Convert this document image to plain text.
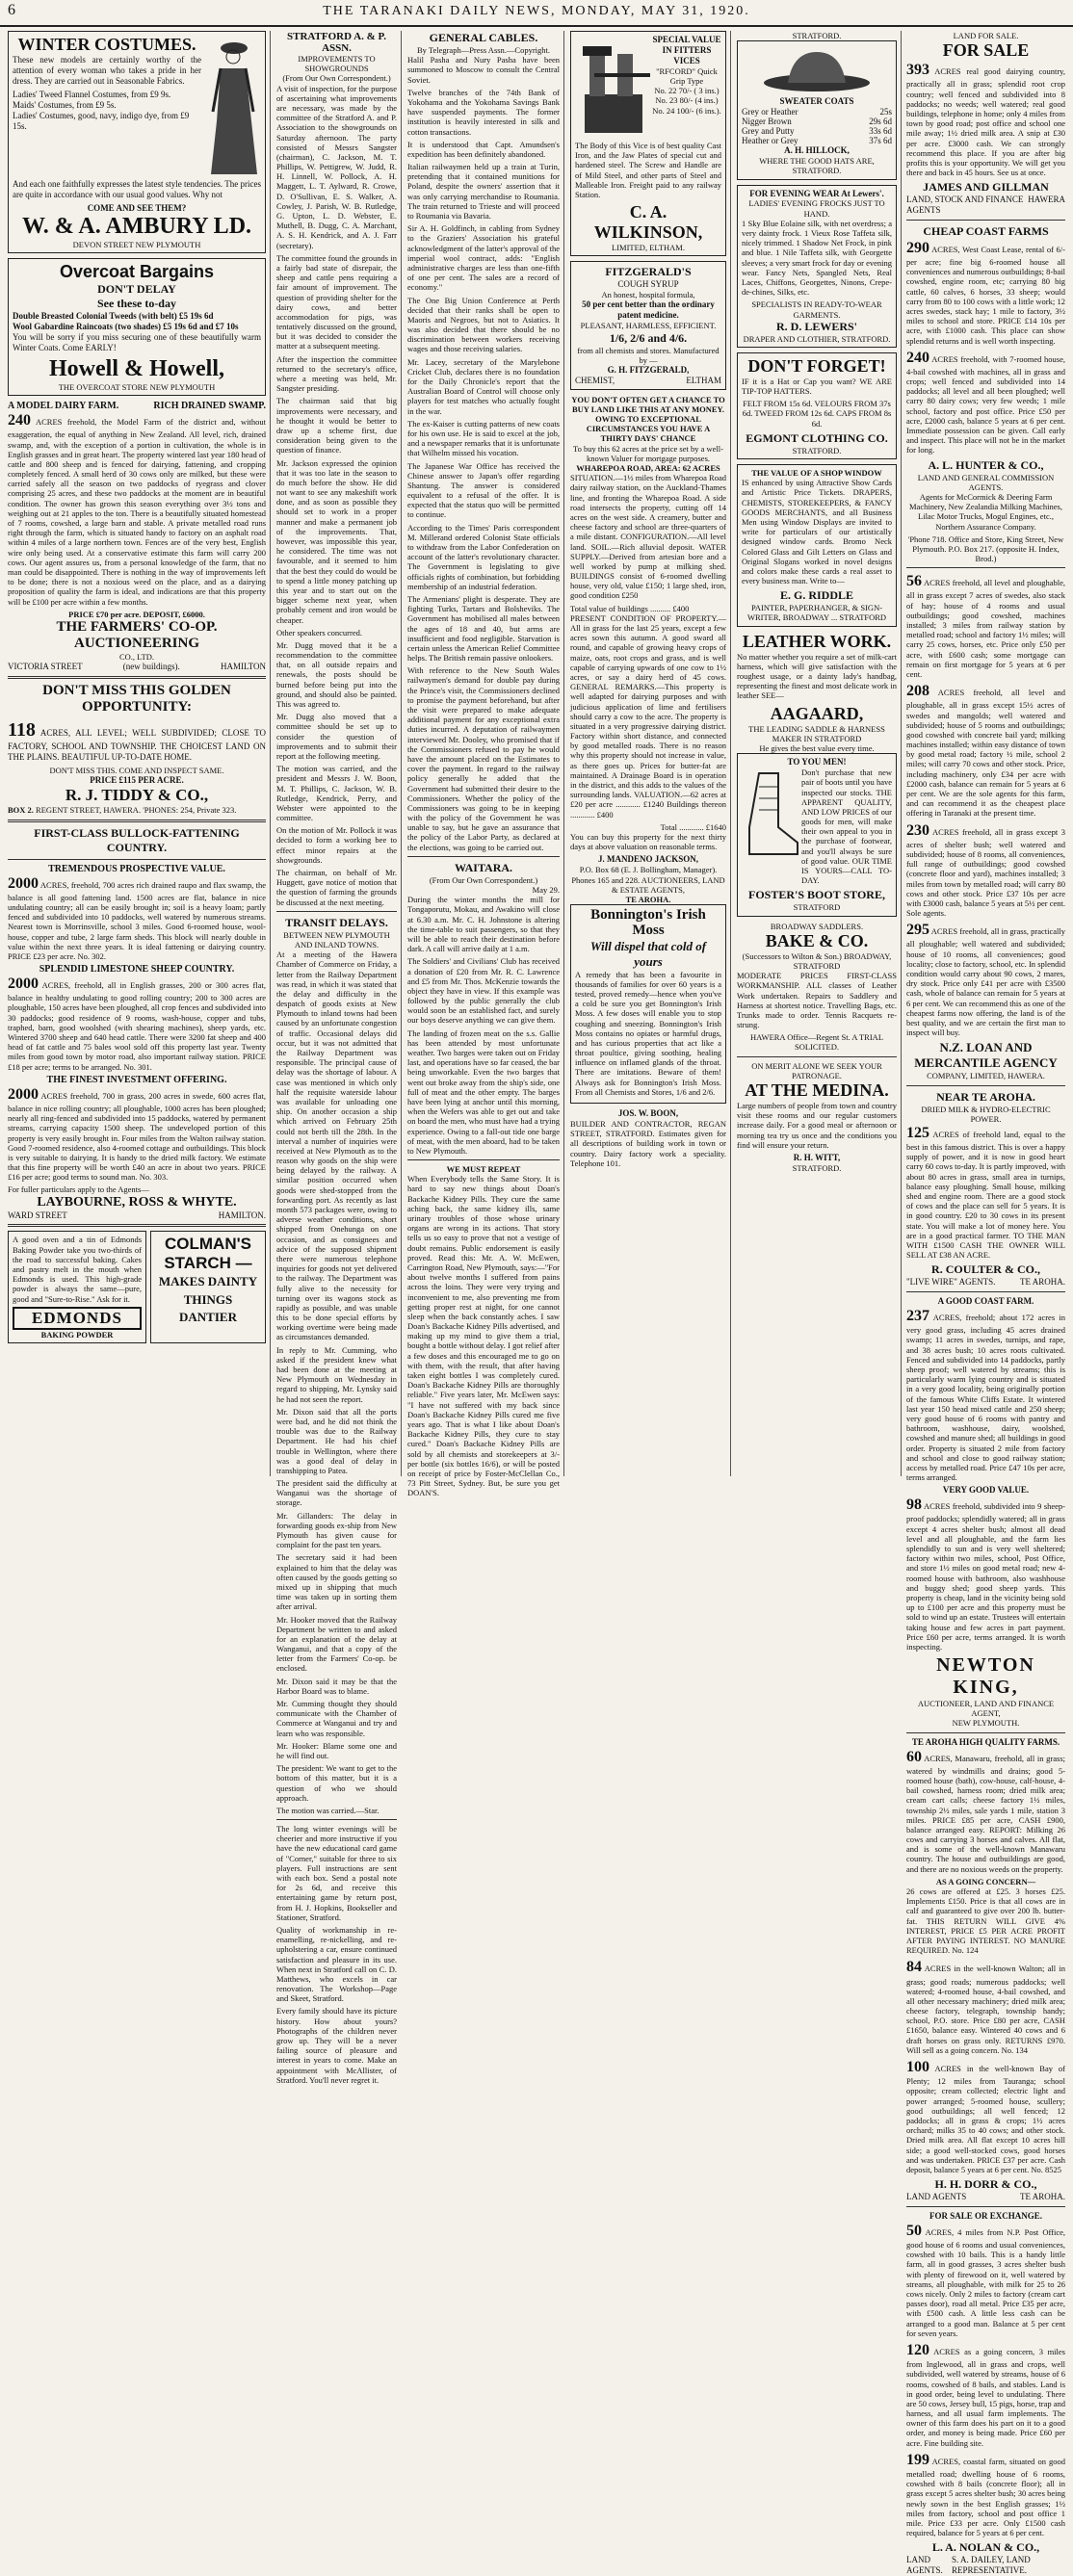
6	THE TARANAKI DAILY NEWS, MONDAY, MAY 31, 1920.
WINTER COSTUMES.

These new models are certainly worthy of the attention of every woman who takes a pride in her dress. They are carried out in Seasonable Fabrics.

Ladies' Tweed Flannel Costumes, from £9 9s.
Maids' Costumes, from £9 5s.
Ladies' Costumes, good, navy, indigo dye, from £9 15s.

And each one faithfully expresses the latest style tendencies. The prices are quite in accordance with our usual good values. Why not

COME AND SEE THEM?
W. & A. AMBURY LD.
DEVON STREET NEW PLYMOUTH
Overcoat Bargains
DON'T DELAY
See these to-day
Double Breasted Colonial Tweeds (with belt) £5 19s 6d
Wool Gabardine Raincoats (two shades) £5 19s 6d and £7 10s

You will be sorry if you miss securing one of these beautifully warm Winter Coats. Come EARLY!

Howell & Howell,
THE OVERCOAT STORE NEW PLYMOUTH
A MODEL DAIRY FARM.	RICH DRAINED SWAMP.

240 ACRES freehold, the Model Farm of the district and, without exaggeration, the equal of anything in New Zealand. All level, rich, drained swamp, and, with the exception of a portion in cultivation, the whole is in English grasses and in great heart. The property wintered last year 180 head of cattle and 800 sheep and is fenced for dairying, fattening, and cropping completely fenced. A small herd of 30 cows only are milked, but these were carried safely all the season on two paddocks of ryegrass and clover comprising 25 acres, and these two paddocks at the moment are in beautiful condition. The owner has grown this season everything over 3½ tons and weighing out at 21 apples to the ton. There is a beautifully situated homestead of 7 rooms, cowshed, a large barn and stable. A private metalled road runs right through the farm, which is situated handy to factory on an asphalt road within 4 miles of a large northern town. Fences are of the very best, English wire only being used. At a conservative estimate this farm will carry 200 cows. Our agent assures us, from a personal knowledge of the farm, that no man could be disappointed. There is nothing in the way of improvements left to be done; there is not a noxious weed on the place, and as a dairying proposition of quality the farm is ideal, and indications are that this property will be £100 per acre within a few months.

PRICE £70 per acre. DEPOSIT, £6000.
THE FARMERS' CO-OP. AUCTIONEERING
CO., LTD.
VICTORIA STREET	(new buildings).	HAMILTON
DON'T MISS THIS GOLDEN OPPORTUNITY:

118 ACRES, ALL LEVEL; WELL SUBDIVIDED; CLOSE TO FACTORY, SCHOOL AND TOWNSHIP. THE CHOICEST LAND ON THE PLAINS. BEAUTIFUL UP-TO-DATE HOME.

DON'T MISS THIS. COME AND INSPECT SAME.
PRICE £115 PER ACRE.
R. J. TIDDY & CO.,
BOX 2. REGENT STREET, HAWERA. 'PHONES: 254, Private 323.
FIRST-CLASS BULLOCK-FATTENING COUNTRY.
TREMENDOUS PROSPECTIVE VALUE.

2000 ACRES, freehold, 700 acres rich drained raupo and flax swamp, the balance is all good fattening land. 1500 acres are flat, balance in nice undulating country; all can be easily brought in; soil is a heavy loam; partly fenced and subdivided into 10 paddocks, well watered by numerous streams. Nearest town is Morrinsville, school 3 miles. Good 6-roomed house, wool-house, copper and tube, 2 large farm sheds. This block will nearly double in value within the next three years. It is ideal fattening or dairying country. PRICE £23 per acre. No. 302.

SPLENDID LIMESTONE SHEEP COUNTRY.

2000 ACRES, freehold, all in English grasses, 200 or 300 acres flat, balance in healthy undulating to good rolling country; 200 to 300 acres are ploughable, 150 acres have been ploughed, all crop fences and subdivided into 30 paddocks; good residence of 9 rooms, wash-house, copper and tubs, traphed, barn, good woolshed (with shearing machines), sheep yards, etc. Wintered 3700 sheep and 640 head cattle. There were 3200 fat sheep and 400 head of fat cattle and 75 bales wool sold off this property last year. Twenty miles from good town by motor road, also important railway station. PRICE £18 per acre; terms to be arranged. No. 301.

THE FINEST INVESTMENT OFFERING.

2000 ACRES freehold, 700 in grass, 200 acres in swede, 600 acres flat, balance in nice rolling country; all ploughable, 1000 acres has been ploughed; nearly all ring-fenced and subdivided into 15 paddocks, watered by permanent streams, carrying capacity 1500 sheep. The undeveloped portion of this property is very easily brought in. Four miles from the Walton railway station. Good 7-roomed residence, also 4-roomed cottage and outbuildings. This block is very suitable to dairying. It is handy to the dried milk factory. We estimate that this fine property will be worth £40 an acre in about two years. PRICE £16 per acre; good terms to sound man. No. 303.

For fuller particulars apply to the Agents—
LAYBOURNE, ROSS & WHYTE.
WARD STREET	HAMILTON.

A good oven and a tin of Edmonds Baking Powder take you two-thirds of the road to successful baking. Cakes and pastry melt in the mouth when Edmonds is used. This high-grade powder is always the same—pure, good and "Sure-to-Rise." Ask for it.

EDMONDS
BAKING POWDER
COLMAN'S STARCH —
MAKES DAINTY THINGS DANTIER
STRATFORD A. & P. ASSN.
IMPROVEMENTS TO SHOWGROUNDS
(From Our Own Correspondent.)

A visit of inspection, for the purpose of ascertaining what improvements are necessary, was made by the committee of the Stratford A. and P. Association to the showgrounds on Saturday afternoon. The party consisted of Messrs Sangster (chairman), C. Jackson, M. T. Phillips, W. Pettigrew, W. Judd, R. H. Linnell, W. Pollock, A. H. Maggett, L. T. Aylward, R. Crowe, D. O'Sullivan, E. S. Walker, A. Cowley, J. Parish, W. B. Rutledge, G. Upton, L. D. Webster, E. Muthell, B. Dugg, C. A. Marchant, A. S. H. Kendrick, and A. J. Farr (secretary).

The committee found the grounds in a fairly bad state of disrepair, the sheep and cattle pens requiring a fair amount of improvement. The question of providing shelter for the dairy cows, and better accommodation for pigs, was tentatively discussed on the ground, but it was decided to consider the matter at a subsequent meeting.

After the inspection the committee returned to the secretary's office, where a meeting was held, Mr. Sangster presiding.

The chairman said that big improvements were necessary, and he thought it would be better to draw up a scheme first, due consideration being given to the question of finance.

Mr. Jackson expressed the opinion that it was too late in the season to do much before the show. He did not want to see any makeshift work done, and as soon as possible they should set to work in a proper manner and make a permanent job of the improvements. That, however, was impossible this year, he considered. The time was not favourable, and it seemed to him that the best they could do would be to spend a little money patching up this year and to start out on the bigger scheme next year, when probably cement and iron would be cheaper.

Other speakers concurred.

Mr. Dugg moved that it be a recommendation to the committee that, on all outside repairs and renewals, the posts should be burned before being put into the ground, and should also be painted. This was agreed to.

Mr. Dugg also moved that a committee should be set up to consider the question of improvements and to submit their report at the following meeting.

The motion was carried, and the president and Messrs J. W. Boon, M. T. Phillips, C. Jackson, W. B. Rutledge, Kendrick, Perry, and Webster were appointed to the committee.

On the motion of Mr. Pollock it was decided to form a working bee to effect minor repairs at the showgrounds.

The chairman, on behalf of Mr. Huggett, gave notice of motion that the question of farming the grounds be discussed at the next meeting.

TRANSIT DELAYS.
BETWEEN NEW PLYMOUTH AND INLAND TOWNS.

At a meeting of the Hawera Chamber of Commerce on Friday, a letter from the Railway Department was read, in which it was stated that the delay and difficulty in the despatch of goods exists at New Plymouth to inland towns had been caused by an unfortunate congestion of traffic. Occasional delays did occur, but it was not admitted that the Railway Department was responsible. The principal cause of delay was the shortage of labour. A case was mentioned in which only half the requisite waterside labour was available for unloading one ship. On another occasion a ship which arrived on February 25th could not berth till the 28th. In the interval a number of inquiries were received at New Plymouth as to the reason why goods on the ship were being delayed by the railway. A similar position occurred when goods were shed-stopped from the forwarding port. As recently as last month 573 packages were, owing to adverse weather conditions, short shipped from Onehunga on one occasion, and as consignees and advice of the supposed shipment there were numerous telephone inquiries for goods not yet delivered to the railway. The Department was fully alive to the necessity for turning over its wagons stock as rapidly as possible, and was unable this to be done special efforts by working overtime were being made as circumstances demanded.

In reply to Mr. Cumming, who asked if the president knew what had been done at the meeting at New Plymouth on Wednesday in regard to shipping, Mr. Lynsky said he had not seen the report.

Mr. Dixon said that all the ports were bad, and he did not think the trouble was due to the Railway Department. He had his chief trouble in Wellington, where there was a good deal of delay in transhipping to Patea.

The president said the difficulty at Wanganui was the shortage of storage.

Mr. Gillanders: The delay in forwarding goods ex-ship from New Plymouth has given cause for complaint for the past ten years.

The secretary said it had been explained to him that the delay was often caused by the goods getting so mixed up in shipping that much time was taken up in sorting them after arrival.

Mr. Hooker moved that the Railway Department be written to and asked for an explanation of the delay at Wanganui, and that a copy of the letter from the Farmers' Co-op. be enclosed.

Mr. Dixon said it may be that the Harbor Board was to blame.

Mr. Cumming thought they should communicate with the Chamber of Commerce at Wanganui and try and learn who was responsible.

Mr. Hooker: Blame some one and he will find out.

The president: We want to get to the bottom of this matter, but it is a question of who we should approach.

The motion was carried.—Star.

The long winter evenings will be cheerier and more instructive if you have the new educational card game of "Corner," suitable for three to six players. Full instructions are sent with each box. Send a postal note for 2s 6d, and receive this entertaining game by return post, from H. J. Hopkins, Bookseller and Stationer, Stratford.

Quality of workmanship in re-enamelling, re-nickelling, and re-upholstering a car, ensure continued satisfaction and pleasure in its use. When next in Stratford call on C. D. Matthews, who excels in car renovation. The Workshop—Page and Skeet, Stratford.

Every family should have its picture history. How about yours? Photographs of the children never grow up. They will be a never failing source of pleasure and interest in years to come. Make an appointment with McAllister, of Stratford. You'll never regret it.

GENERAL CABLES.
By Telegraph—Press Assn.—Copyright.

Halil Pasha and Nury Pasha have been summoned to Moscow to consult the Central Soviet.

Twelve branches of the 74th Bank of Yokohama and the Yokohama Savings Bank have suspended payments. The former institution is heavily interested in silk and cotton transactions.

It is understood that Capt. Amundsen's expedition has been definitely abandoned.

Italian railwaymen held up a train at Turin, pretending that it contained munitions for Poland, despite the owners' assertion that it was only carrying merchandise to Roumania. The train returned to Trieste and will proceed to Roumania via Bavaria.

Sir A. H. Goldfinch, in cabling from Sydney to the Graziers' Association his grateful acknowledgment of the latter's approval of the imperial wool contract, adds: "English administrative charges are less than one-fifth of one per cent. The sales are a record of economy."

The One Big Union Conference at Perth decided that their ranks shall be open to Maoris and Negroes, but not to Asiatics. It was also decided that there should be no discrimination between workers receiving wages and those receiving salaries.

Mr. Lacey, secretary of the Marylebone Cricket Club, declares there is no foundation for the Daily Chronicle's report that the Australian Board of Control will choose only players for test matches who actually fought in the war.

The ex-Kaiser is cutting patterns of new coats for his own use. He is said to excel at the job, and a newspaper remarks that it is unfortunate that Wilhelm missed his vocation.

The Japanese War Office has received the Chinese answer to Japan's offer regarding Shantung. The answer is considered equivalent to a refusal of the offer. It is expected that the status quo will be permitted to continue.

According to the Times' Paris correspondent M. Millerand ordered Colonist State officials to withdraw from the Labor Confederation on account of the latter's revolutionary character. The Government is legislating to give officials rights of combination, but forbidding membership of an industrial federation.

The Armenians' plight is desperate. They are fighting Turks, Tartars and Bolsheviks. The Government has mobilised all males between the ages of 18 and 40, but arms are insufficient and food negligible. Starvation is certain unless the American Relief Committee helps. The British remain passive onlookers.

With reference to the New South Wales railwaymen's demand for double pay during the Prince's visit, the Commissioners declined to promise the payment beforehand, but after the visit were prepared to make adequate additional payment for any exceptional extra duties incurred. A deputation of railwaymen interviewed Mr. Dooley, who promised that if the Commissioners refused to pay he would have the amount placed on the Estimates to cover the payment. In regard to the railway policy generally he added that the Government had submitted their desire to the Commissioners. Whether the policy of the Commissioners was going to be in keeping with the policy of the Government he was unable to say, but he gave an assurance that the policy of the Labor Party, as declared at the elections, was going to be carried out.

WAITARA.
(From Our Own Correspondent.)
May 29.

During the winter months the mill for Tongaporutu, Mokau, and Awakino will close at 6.30 a.m. Mr. C. H. Johnstone is altering the time-table to suit passengers, so that they will be able to reach their destination before dark. A call will arrive daily at 1 a.m.

The Soldiers' and Civilians' Club has received a donation of £20 from Mr. R. C. Lawrence and £5 from Mr. Thos. McKenzie towards the object they have in view. If this example was followed by the public generally the club would soon be an established fact, and surely our boys deserve anything we can give them.

The landing of frozen meat on the s.s. Gallie has been attended by most unfortunate weather. Two barges were taken out on Friday last, and operations have so far ceased, the bar being unworkable. Even the two barges that went out broke away from the ship's side, one full of meat and the other empty. The barges have been lying at anchor until this morning, when the Wefers was able to get out and take on board the men, who must have had a trying experience. Owing to a fall-out tide one barge of meat, with the men aboard, had to be taken to New Plymouth.

WE MUST REPEAT

When Everybody tells the Same Story. It is hard to say new things about Doan's Backache Kidney Pills. They cure the same aching back, the same kidney ills, same urinary troubles of those whose urinary organs are wrong in its actions. That story tells us so easy to prove that not a vestige of doubt remains. Public endorsement is easily proved. Read this: Mr. A. W. McEwen, Carrington Road, New Plymouth, says:—"For about twelve months I suffered from pains across the loins. They were very trying and inconvenient to me, also preventing me from getting proper rest at night, for one cannot sleep when the back constantly aches. I saw Doan's Backache Kidney Pills advertised, and making up my mind to give them a trial, bought a bottle without delay. I got relief after a few doses and this encouraged me to go on with them, with the result, that after having taken eight bottles I was completely cured. Doan's Backache Kidney Pills are thoroughly reliable." Five years later, Mr. McEwen says: "I have not suffered with my back since Doan's Backache Kidney Pills cured me five years ago. That is what I like about Doan's Backache Kidney Pills, they cure to stay cured." Doan's Backache Kidney Pills are sold by all chemists and storekeepers at 3/- per bottle (six bottles 16/6), or will be posted on receipt of price by Foster-McClellan Co., 73 Pitt Street, Sydney. But, be sure you get DOAN'S.

SPECIAL VALUE IN FITTERS VICES
"RFCORD" Quick Grip Type
No. 22 70/- ( 3 ins.) No. 23 80/- (4 ins.) No. 24 100/- (6 ins.).

The Body of this Vice is of best quality Cast Iron, and the Jaw Plates of special cut and hardened steel. The Screw and Handle are of Mild Steel, and other parts of Steel and Malleable Iron. Freight paid to any railway Station.

C. A. WILKINSON,
LIMITED, ELTHAM.
FITZGERALD'S
COUGH SYRUP
An honest, hospital formula,
50 per cent better than the ordinary patent medicine.
PLEASANT, HARMLESS, EFFICIENT.
1/6, 2/6 and 4/6.
from all chemists and stores. Manufactured by —
G. H. FITZGERALD,
CHEMIST,	ELTHAM
YOU DON'T OFTEN GET A CHANCE TO BUY LAND LIKE THIS AT ANY MONEY. OWING TO EXCEPTIONAL CIRCUMSTANCES YOU HAVE A THIRTY DAYS' CHANCE
To buy this 62 acres at the price set by a well-known Valuer for mortgage purposes.
WHAREPOA ROAD, AREA: 62 ACRES

SITUATION.—1½ miles from Wharepoa Road dairy railway station, on the Auckland-Thames line, and fronting the Wharepoa Road. A side road intersects the property, cutting off 14 acres on the west side. A creamery, butter and cheese factory and school are three-quarters of a mile distant. CONFIGURATION.—All level land. SOIL.—Rich alluvial deposit. WATER SUPPLY.—Derived from artesian bore and a well worked by pump at milking shed. BUILDINGS consist of 6-roomed dwelling house, very old, value £150; 1 large shed, iron, good condition £250

Total value of buildings .......... £400

PRESENT CONDITION OF PROPERTY.—All in grass for the last 25 years, except a few acres sown this autumn. A good sward all round, and capable of growing heavy crops of maize, oats, root crops and grass, and is well capable of carrying upwards of one cow to 1½ acres, or say a dairy herd of 45 cows. GENERAL REMARKS.—This property is well adapted for dairying purposes and with judicious application of lime and fertilisers should carry a cow to the acre. The property is situated in a very progressive dairying district. Factory within short distance, and connected by good metalled roads. There is no reason why this property should not increase in value, as there goes up. Prices for butter-fat are maintained. A Drainage Board is in operation in the district, and this adds to the values of the surrounding lands. VALUATION.—62 acres at £20 per acre ............ £1240 Buildings thereon ............ £400

Total ............ £1640

You can buy this property for the next thirty days at above valuation on reasonable terms.

J. MANDENO JACKSON,
P.O. Box 68 (E. J. Bollingham, Manager). Phones 165 and 228. AUCTIONEERS, LAND & ESTATE AGENTS,
TE AROHA.
Bonnington's Irish Moss
Will dispel that cold of yours

A remedy that has been a favourite in thousands of families for over 60 years is a tested, proved remedy—hence when you've a cold be sure you get Bonnington's Irish Moss. A few doses will enable you to stop coughing and sneezing. Bonnington's Irish Moss contains no opiates or harmful drugs, and has curious properties that act like a throat poultice, giving soothing, healing influence on inflamed glands of the throat. There are imitations. Beware of them! Always ask for Bonnington's Irish Moss. From all Chemists and Stores, 1/6 and 2/6.

JOS. W. BOON,

BUILDER AND CONTRACTOR, REGAN STREET, STRATFORD. Estimates given for all descriptions of building work in town or country. Dairy factory work a speciality. Telephone 101.

STRATFORD.
SWEATER COATS
Grey or Heather	25s
Nigger Brown	29s 6d
Grey and Putty	33s 6d
Heather or Grey	37s 6d
A. H. HILLOCK,
WHERE THE GOOD HATS ARE, STRATFORD.
FOR EVENING WEAR At Lewers'.
LADIES' EVENING FROCKS JUST TO HAND.

1 Sky Blue Eolaine silk, with net overdress; a very dainty frock. 1 Vieux Rose Taffeta silk, nicely trimmed. 1 Shadow Net Frock, in pink and blue. 1 Nile Taffeta silk, with Georgette sleeves; a very smart frock for day or evening wear. Fancy Nets, Spangled Nets, Real Laces, Chiffons, Georgettes, Ninons, Crepe-de-chines, Silks, etc.

SPECIALISTS IN READY-TO-WEAR GARMENTS.
R. D. LEWERS'
DRAPER AND CLOTHIER, STRATFORD.
DON'T FORGET!

IF it is a Hat or Cap you want? WE ARE TIP-TOP HATTERS.

FELT FROM 15s 6d. VELOURS FROM 37s 6d. TWEED FROM 12s 6d. CAPS FROM 8s 6d.

EGMONT CLOTHING CO.
STRATFORD.
THE VALUE OF A SHOP WINDOW

IS enhanced by using Attractive Show Cards and Artistic Price Tickets. DRAPERS, CHEMISTS, STOREKEEPERS, & FANCY GOODS MERCHANTS, and all Business Men using Window Displays are invited to write for particulars of our artistically designed window cards. Bromo Neck Colored Glass and Gilt Letters on Glass and Original Slogans worked in novel designs and colors make these cards a real asset to every business man. Write to—

E. G. RIDDLE
PAINTER, PAPERHANGER, & SIGN-WRITER, BROADWAY ... STRATFORD
LEATHER WORK.

No matter whether you require a set of milk-cart harness, which will give satisfaction with the roughest usage, or a dainty lady's handbag, representing the finest and most delicate work in leather SEE—

AAGAARD,
THE LEADING SADDLE & HARNESS MAKER IN STRATFORD
He gives the best value every time.
TO YOU MEN!

Don't purchase that new pair of boots until you have inspected our stocks. THE APPARENT QUALITY, AND LOW PRICES of our goods for men, will make their own appeal to you in the purchase of footwear, and you'll always be sure of good value. OUR TIME IS YOURS—CALL TO-DAY.

FOSTER'S BOOT STORE,
STRATFORD
BROADWAY SADDLERS.
BAKE & CO.
(Successors to Wilton & Son.) BROADWAY, STRATFORD

MODERATE PRICES FIRST-CLASS WORKMANSHIP. ALL classes of Leather Work undertaken. Repairs to Saddlery and Harness at shortest notice. Travelling Bags, etc. Trunks made to order. Tennis Racquets re-strung.

HAWERA Office—Regent St. A TRIAL SOLICITED.
ON MERIT ALONE WE SEEK YOUR PATRONAGE.
AT THE MEDINA.

Large numbers of people from town and country visit these rooms and our regular customers increase daily. For a good meal or afternoon or morning tea try us once and the conditions you find will ensure your return.

R. H. WITT,
STRATFORD.
LAND FOR SALE.
FOR SALE

393 ACRES real good dairying country, practically all in grass; splendid root crop country; well fenced and subdivided into 8 paddocks; no weeds; well watered; real good buildings, telephone in home; only 4 miles from town by good road; post office and school one mile away; 1½ dried milk area. A snip at £30 per acre. £3000 cash. We can strongly recommend this place. If you are after big profits this is your opportunity. We will get you there and back in 45 hours. See us at once.

JAMES AND GILLMAN
LAND, STOCK AND FINANCE AGENTS
HAWERA
CHEAP COAST FARMS

290 ACRES, West Coast Lease, rental of 6/- per acre; fine big 6-roomed house all conveniences and numerous outbuildings; 8-bail cowshed, engine room, etc; carrying 80 big cattle, 60 calves, 6 horses, 33 sheep; would carry from 80 to 100 cows with a little work; 12 acres swedes, stack hay; 1 mile to factory, 3½ miles to school and store. PRICE £14 10s per acre, with £1000 cash. This place can show splendid returns and is well worth inspecting.

240 ACRES freehold, with 7-roomed house, 4-bail cowshed with machines, all in grass and crops; well fenced and subdivided into 14 paddocks; all level and all been ploughed; well carry 80 dairy cows; very few weeds; 1 mile school, factory and post office. Price £50 per acre, £2000 cash, balance 5 years at 6 per cent. Immediate possession can be given. Call early and inspect. This place will not be in the market for long.

A. L. HUNTER & CO.,
LAND AND GENERAL COMMISSION AGENTS.

Agents for McCormick & Deering Farm Machinery, New Zealandia Milking Machines, Lilac Motor Trucks, Mogul Engines, etc., Northern Assurance Company.

'Phone 718. Office and Store, King Street, New Plymouth. P.O. Box 217. (opposite H. Index, Brod.)

56 ACRES freehold, all level and ploughable, all in grass except 7 acres of swedes, also stack of hay; house of 4 rooms and usual outbuildings; good cowshed, machines installed; 3 miles from railway station by metalled road; school and factory 1½ miles; will carry 25 cows, horses, etc. Price only £50 per acre, with £600 cash; some mortgage can remain on first mortgage for 5 years at 6 per cent.

208 ACRES freehold, all level and ploughable, all in grass except 15½ acres of swedes and mangolds; well watered and subdivided; house of 5 rooms and outbuildings; good cowshed with concrete bail yard; milking machines installed; within easy distance of town by good metal road; factory ½ mile, school 2 miles; will carry 70 cows and other stock. Price, including machinery, only £34 per acre with £2000 cash, balance can remain for 5 years at 6 per cent. We are the sole agents for this farm, and can recommend it as the cheapest place offering in Taranaki at the present time.

230 ACRES freehold, all in grass except 3 acres of shelter bush; well watered and subdivided; house of 8 rooms, all conveniences, full range of outbuildings; good cowshed (concrete floor and yard), machines installed; 3 miles from town by metalled road; will carry 80 cows and other stock. Price £37 10s per acre with £3000 cash, balance 5 years at 5½ per cent. Sole agents.

295 ACRES freehold, all in grass, practically all ploughable; well watered and subdivided; house of 10 rooms, all conveniences; good locality; close to factory, school, etc. In splendid condition would carry about 90 cows, 2 mares, dry stock. Price only £41 per acre with £3500 cash, whole of balance can remain for 5 years at 6 per cent. We can recommend this as one of the cheapest farms now offering, the land is of the best quality, and we are certain the first man to inspect will buy.

N.Z. LOAN AND MERCANTILE AGENCY
COMPANY, LIMITED, HAWERA.
NEAR TE AROHA.
DRIED MILK & HYDRO-ELECTRIC POWER.

125 ACRES of freehold land, equal to the best in this famous district. This is over a happy supply of power, and it is now in good heart carry 60 cows to-day. It is partly improved, with about 80 acres in grass, small area in turnips, balance easy ploughing. Small house, milking shed and engine room. There are a good stock of cows and the place can sell for 5 years. It is in good country. £20 to 30 cows in its present state. You will make a lot of money here. You are in a good practical farmer. TO THE MAN WITH £1500 CASH THE OWNER WILL SELL AT £38 AN ACRE.

R. COULTER & CO.,
"LIVE WIRE" AGENTS.	TE AROHA.
A GOOD COAST FARM.

237 ACRES, freehold; about 172 acres in very good grass, including 45 acres drained swamp; 11 acres in swedes, turnips, and rape, and 38 acres bush; 10 acres roots cultivated. Fenced and subdivided into 14 paddocks, partly sheep proof; well watered by streams; this is particularly warm lying country and is situated in a very good locality, being originally portion of the famous White Cliffs Estate. It wintered last year 150 head mixed cattle and 250 sheep; very good house of 6 rooms with pantry and bathroom, washhouse, dairy, woolshed, cowshed and manure shed; all buildings in good order. Property is situated 2 mile from factory and school and close to good railway station; access by metalled road. Price £47 10s per acre, terms arranged.

VERY GOOD VALUE.

98 ACRES freehold, subdivided into 9 sheep-proof paddocks; splendidly watered; all in grass except 4 acres shelter bush; almost all dead level and all ploughable, and the farm lies splendidly to sun and is very well sheltered; factory within two miles, school, Post Office, and store 1½ miles on good metal road; new 4-roomed house with bathroom, also washhouse and buggy shed; good sheep yards. This property is cheap, land in the vicinity being sold up to £100 per acre and this property must be sold to wind up an estate. Trustees will entertain taking house and few acres in part payment. Price £60 per acre, terms arranged. It is worth inspecting.

NEWTON KING,
AUCTIONEER, LAND AND FINANCE AGENT,
NEW PLYMOUTH.
TE AROHA HIGH QUALITY FARMS.

60 ACRES, Manawaru, freehold, all in grass; watered by windmills and drains; good 5-roomed house (bath), cow-house, calf-house, 4-bail cowshed, harness room; dried milk area; cream cart calls; cheese factory 1½ miles, township 2½ miles, sale yards 1 mile, station 3 miles. PRICE £85 per acre, CASH £900, balance arranged easy. REPORT: Milking 26 cows and carrying 3 horses and calves. All flat, and is some of the well-known Manawaru country. The house and outbuildings are good, and there are no noxious weeds on the property.

AS A GOING CONCERN—

26 cows are offered at £25. 3 horses £25. Implements £150. Price is that all cows are in calf and guaranteed to give over 200 lb. butter-fat. THIS RETURN WILL GIVE 4% INTEREST, PRICE £5 PER ACRE PROFIT AFTER PAYING INTEREST. NO MANURE REQUIRED. No. 124

84 ACRES in the well-known Walton; all in grass; good roads; numerous paddocks; well watered; 4-roomed house, 4-bail cowshed, and all other necessary machinery; dried milk area; cheese factory, telegraph, township handy; school, P.O. store. Price £80 per acre, CASH £1650, balance easy. Wintered 40 cows and 6 draft horses on grass only. RETURNS £970. Will sell as a going concern. No. 134

100 ACRES in the well-known Bay of Plenty; 12 miles from Tauranga; school opposite; cream collected; electric light and power arranged; 5-roomed house, scullery; good outbuildings; all well fenced; 12 paddocks; all in grass & crops; 1½ acres orchard; milks 35 to 40 cows; and other stock. Dried milk area. All flat except 10 acres hill side; a good well-stocked cows, good horses and was undertaken. PRICE £37 per acre. Cash deposit, balance 5 years at 6 per cent. No. 8525

H. H. DORR & CO.,
LAND AGENTS	TE AROHA.
FOR SALE OR EXCHANGE.

50 ACRES, 4 miles from N.P. Post Office, good house of 6 rooms and usual conveniences, cowshed with 10 bails. This is a handy little farm, all in good grasses, 3 acres shelter bush with plenty of firewood on it, well watered by streams, all ploughable, with milk for 25 to 26 cows nicely. Only 2 miles to factory (cream cart passes door), road all metal. Price £35 per acre, with £500 cash. A little less cash can be arranged to a good man. Balance at 5 per cent for seven years.

120 ACRES as a going concern, 3 miles from Inglewood, all in grass and crops, well subdivided, well watered by streams, house of 6 rooms, cowshed of 8 bails, and stables. Land is in good order, being level to undulating. There are 50 cows, Jersey bull, 15 pigs, horse, trap and harness, and all usual farm implements. The owner of this farm does his part on it to a good order, and money is being made. Price £60 per acre. Fine building site.

199 ACRES, coastal farm, situated on good metalled road; dwelling house of 6 rooms, cowshed with 8 bails (concrete floor); all in grass except 5 acres shelter bush; 30 acres being newly sown in the best English grasses; 1½ miles from factory, school and post office 1 mile. Price £33 per acre. Only £1500 cash required, balance for 5 years at 6 per cent.

L. A. NOLAN & CO.,
LAND AGENTS.
S. A. DAILEY, LAND REPRESENTATIVE.
